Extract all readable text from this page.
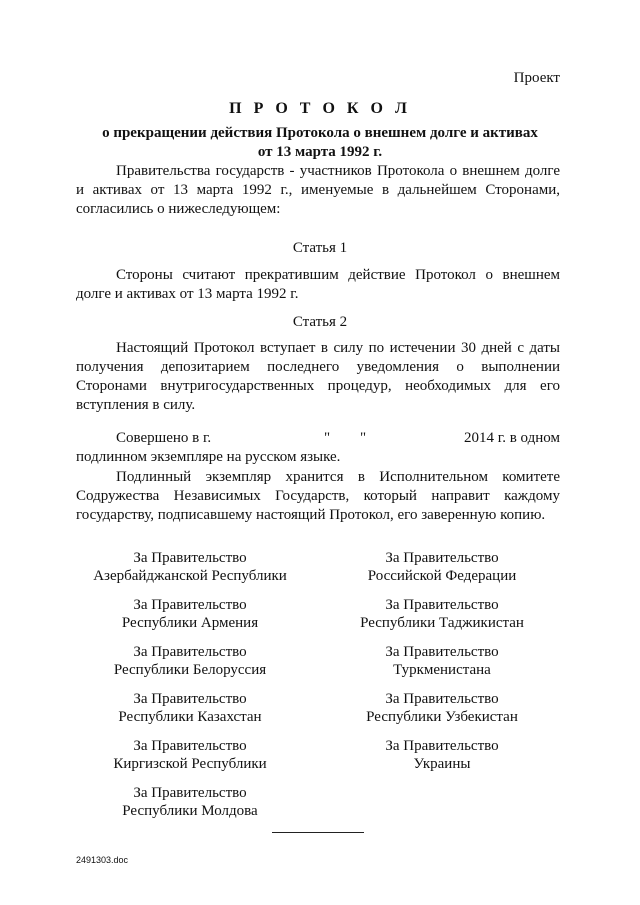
Проект
П Р О Т О К О Л
о прекращении действия Протокола о внешнем долге и активах
от 13 марта 1992 г.

Правительства государств - участников Протокола о внешнем долге и активах от 13 марта 1992 г., именуемые в дальнейшем Сторонами, согласились о нижеследующем:

Статья 1

Стороны считают прекратившим действие Протокол о внешнем долге и активах от 13 марта 1992 г.

Статья 2

Настоящий Протокол вступает в силу по истечении 30 дней с даты получения депозитарием последнего уведомления о выполнении Сторонами внутригосударственных процедур, необходимых для его вступления в силу.

Совершено в г.	" "	2014 г. в одном
подлинном экземпляре на русском языке.

Подлинный экземпляр хранится в Исполнительном комитете Содружества Независимых Государств, который направит каждому государству, подписавшему настоящий Протокол, его заверенную копию.

За Правительство
Азербайджанской Республики
За Правительство
Республики Армения
За Правительство
Республики Белоруссия
За Правительство
Республики Казахстан
За Правительство
Киргизской Республики
За Правительство
Республики Молдова
За Правительство
Российской Федерации
За Правительство
Республики Таджикистан
За Правительство
Туркменистана
За Правительство
Республики Узбекистан
За Правительство
Украины
2491303.doc
